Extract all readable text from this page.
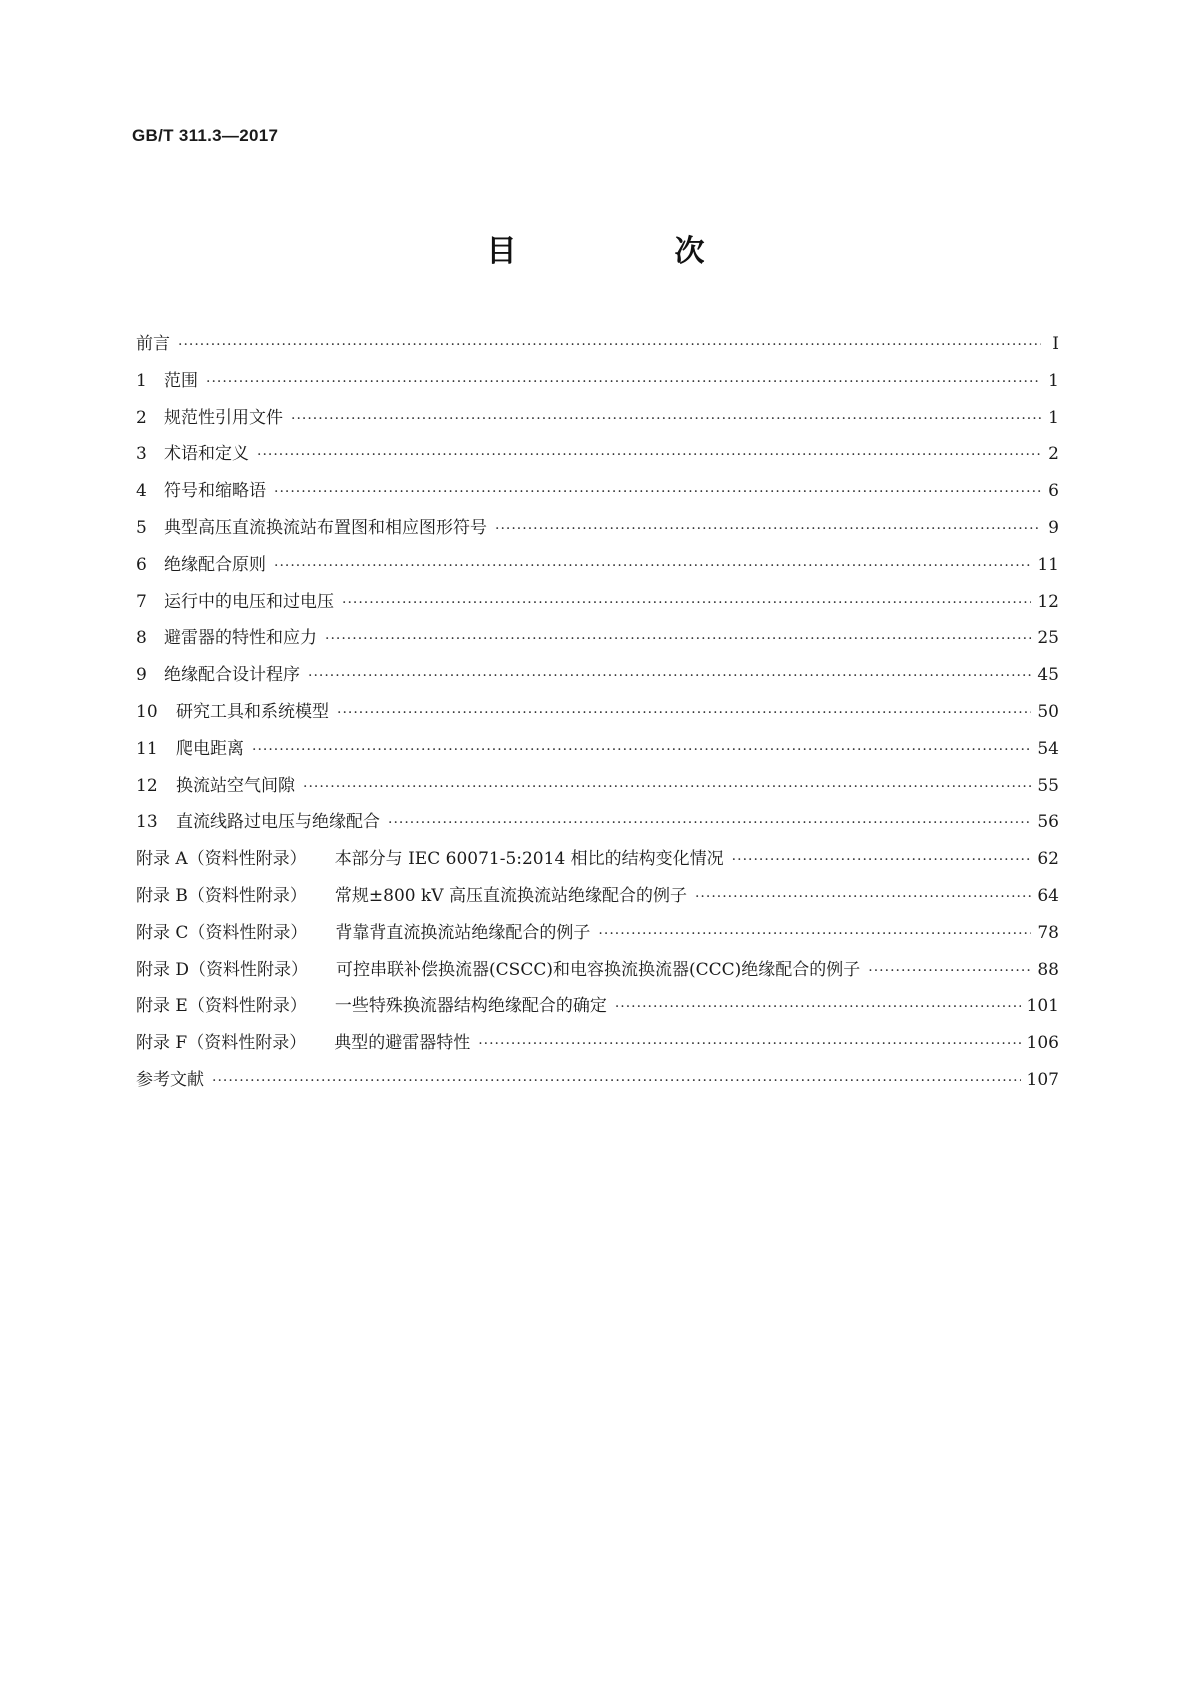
GB/T 311.3—2017
目　次
前言 ·····	Ⅰ
1 范围 ·····	1
2 规范性引用文件 ·····	1
3 术语和定义 ·····	2
4 符号和缩略语 ·····	6
5 典型高压直流换流站布置图和相应图形符号 ·····	9
6 绝缘配合原则 ·····	11
7 运行中的电压和过电压 ·····	12
8 避雷器的特性和应力 ·····	25
9 绝缘配合设计程序 ·····	45
10 研究工具和系统模型 ·····	50
11 爬电距离 ·····	54
12 换流站空气间隙 ·····	55
13 直流线路过电压与绝缘配合 ·····	56
附录 A（资料性附录） 本部分与 IEC 60071-5:2014 相比的结构变化情况 ·····	62
附录 B（资料性附录） 常规±800 kV 高压直流换流站绝缘配合的例子 ·····	64
附录 C（资料性附录） 背靠背直流换流站绝缘配合的例子 ·····	78
附录 D（资料性附录） 可控串联补偿换流器(CSCC)和电容换流换流器(CCC)绝缘配合的例子 ·····	88
附录 E（资料性附录） 一些特殊换流器结构绝缘配合的确定 ·····	101
附录 F（资料性附录） 典型的避雷器特性 ·····	106
参考文献 ·····	107
